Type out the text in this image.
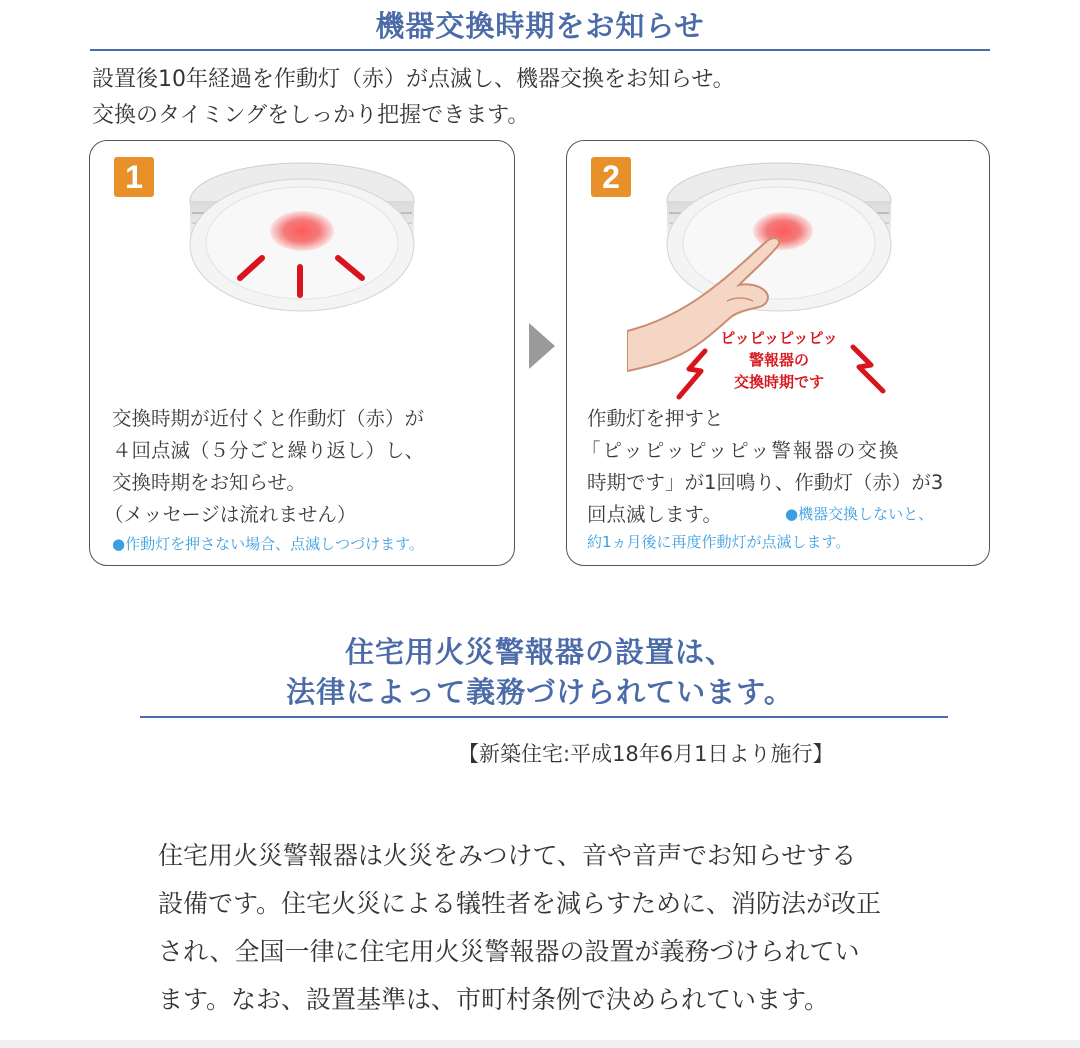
機器交換時期をお知らせ
設置後10年経過を作動灯（赤）が点滅し、機器交換をお知らせ。
交換のタイミングをしっかり把握できます。
1
交換時期が近付くと作動灯（赤）が
４回点滅（５分ごと繰り返し）し、
交換時期をお知らせ。
（メッセージは流れません）
●作動灯を押さない場合、点滅しつづけます。
2
ピッピッピッピッ
警報器の
交換時期です
作動灯を押すと
「ピッピッピッピッ警報器の交換
時期です」が1回鳴り、作動灯（赤）が3
回点滅します。	●機器交換しないと、
約1ヵ月後に再度作動灯が点滅します。
住宅用火災警報器の設置は、
法律によって義務づけられています。
【新築住宅:平成18年6月1日より施行】
住宅用火災警報器は火災をみつけて、音や音声でお知らせする
設備です。住宅火災による犠牲者を減らすために、消防法が改正
され、全国一律に住宅用火災警報器の設置が義務づけられてい
ます。なお、設置基準は、市町村条例で決められています。
